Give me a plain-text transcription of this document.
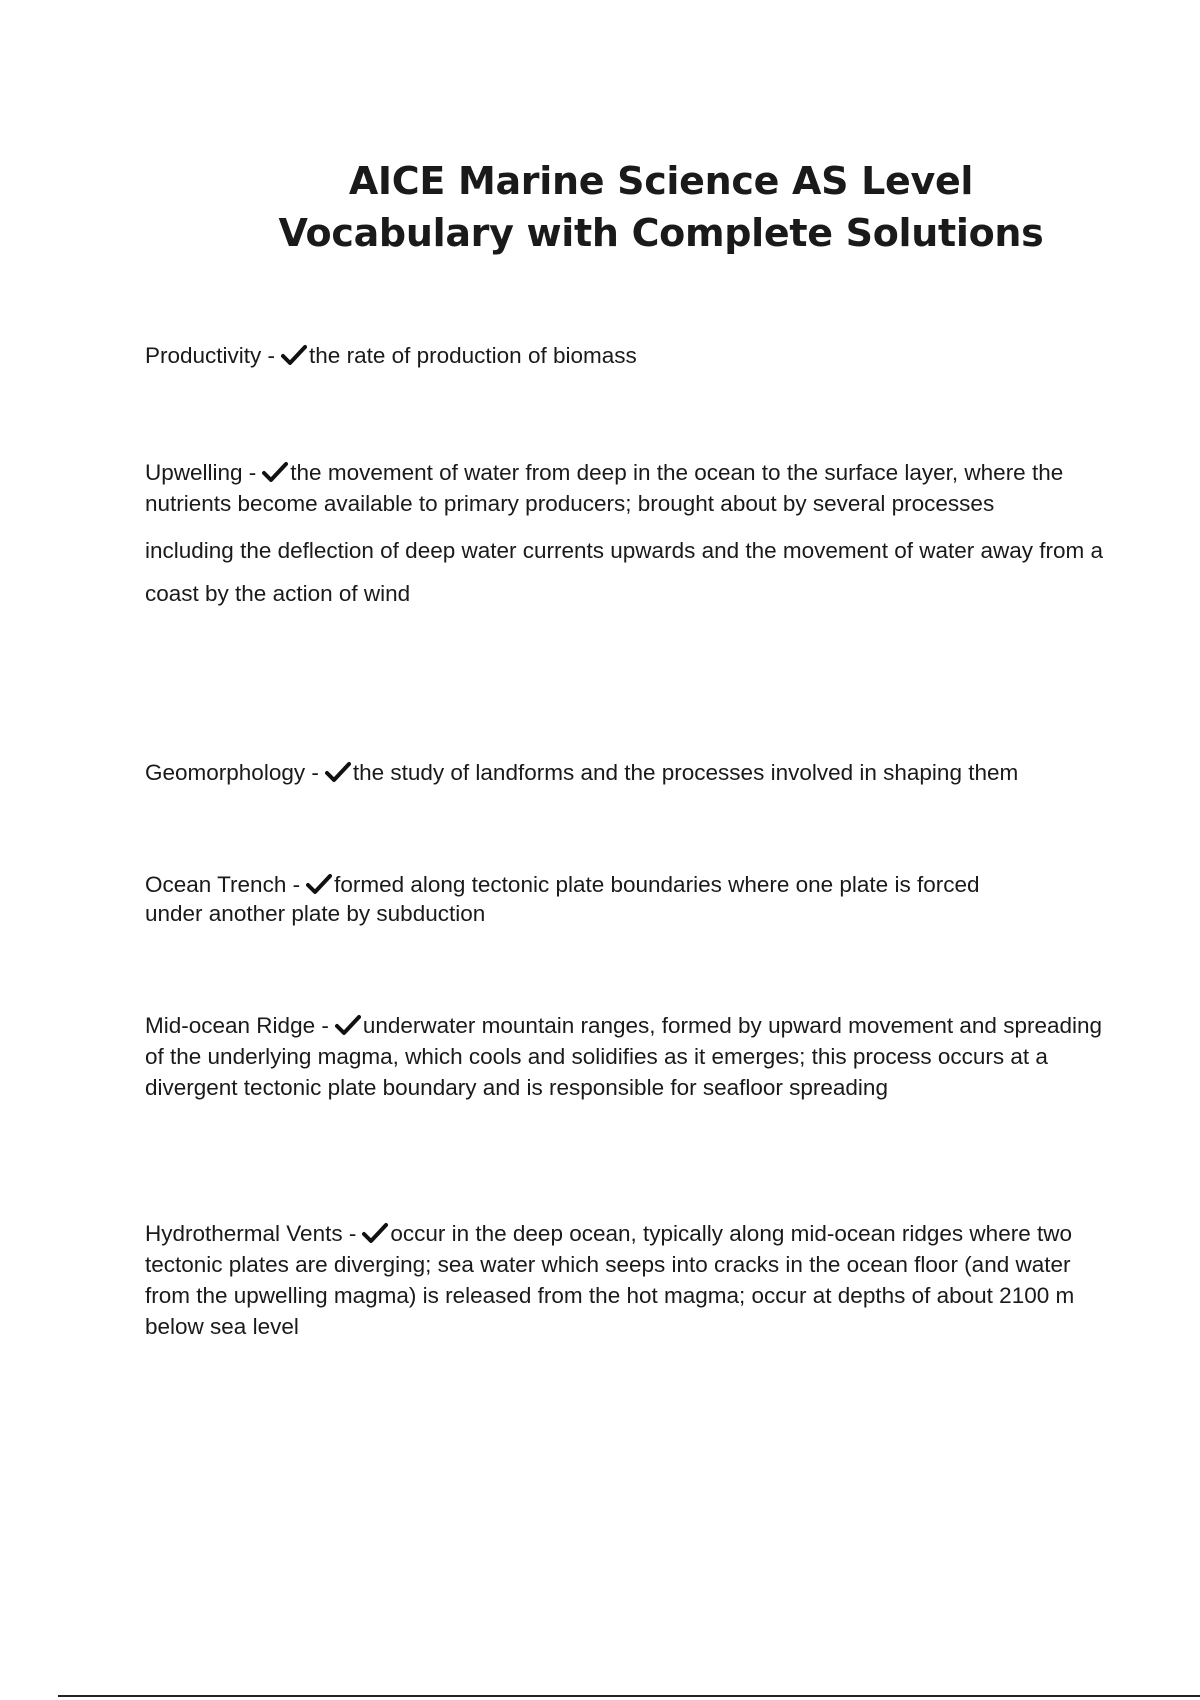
AICE Marine Science AS Level
Vocabulary with Complete Solutions

Productivity - the rate of production of biomass

Upwelling - the movement of water from deep in the ocean to the surface layer, where the nutrients become available to primary producers; brought about by several processes

including the deflection of deep water currents upwards and the movement of water away from a

coast by the action of wind

Geomorphology - the study of landforms and the processes involved in shaping them

Ocean Trench - formed along tectonic plate boundaries where one plate is forced under another plate by subduction

Mid-ocean Ridge - underwater mountain ranges, formed by upward movement and spreading of the underlying magma, which cools and solidifies as it emerges; this process occurs at a divergent tectonic plate boundary and is responsible for seafloor spreading

Hydrothermal Vents - occur in the deep ocean, typically along mid-ocean ridges where two tectonic plates are diverging; sea water which seeps into cracks in the ocean floor (and water from the upwelling magma) is released from the hot magma; occur at depths of about 2100 m below sea level
